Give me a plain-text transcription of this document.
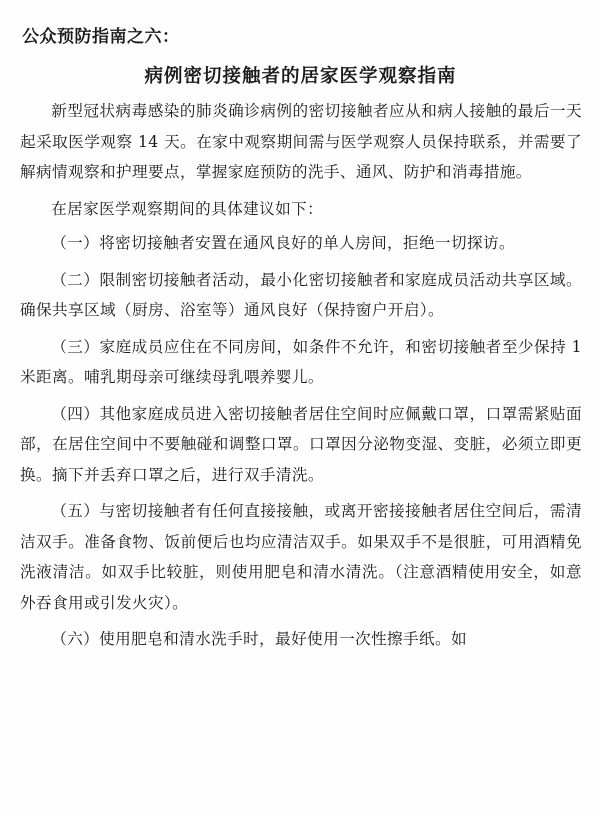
公众预防指南之六：
病例密切接触者的居家医学观察指南

新型冠状病毒感染的肺炎确诊病例的密切接触者应从和病人接触的最后一天起采取医学观察 14 天。在家中观察期间需与医学观察人员保持联系，并需要了解病情观察和护理要点，掌握家庭预防的洗手、通风、防护和消毒措施。

在居家医学观察期间的具体建议如下：

（一）将密切接触者安置在通风良好的单人房间，拒绝一切探访。

（二）限制密切接触者活动，最小化密切接触者和家庭成员活动共享区域。确保共享区域（厨房、浴室等）通风良好（保持窗户开启）。

（三）家庭成员应住在不同房间，如条件不允许，和密切接触者至少保持 1 米距离。哺乳期母亲可继续母乳喂养婴儿。

（四）其他家庭成员进入密切接触者居住空间时应佩戴口罩，口罩需紧贴面部，在居住空间中不要触碰和调整口罩。口罩因分泌物变湿、变脏，必须立即更换。摘下并丢弃口罩之后，进行双手清洗。

（五）与密切接触者有任何直接接触，或离开密接接触者居住空间后，需清洁双手。准备食物、饭前便后也均应清洁双手。如果双手不是很脏，可用酒精免洗液清洁。如双手比较脏，则使用肥皂和清水清洗。（注意酒精使用安全，如意外吞食用或引发火灾）。

（六）使用肥皂和清水洗手时，最好使用一次性擦手纸。如
